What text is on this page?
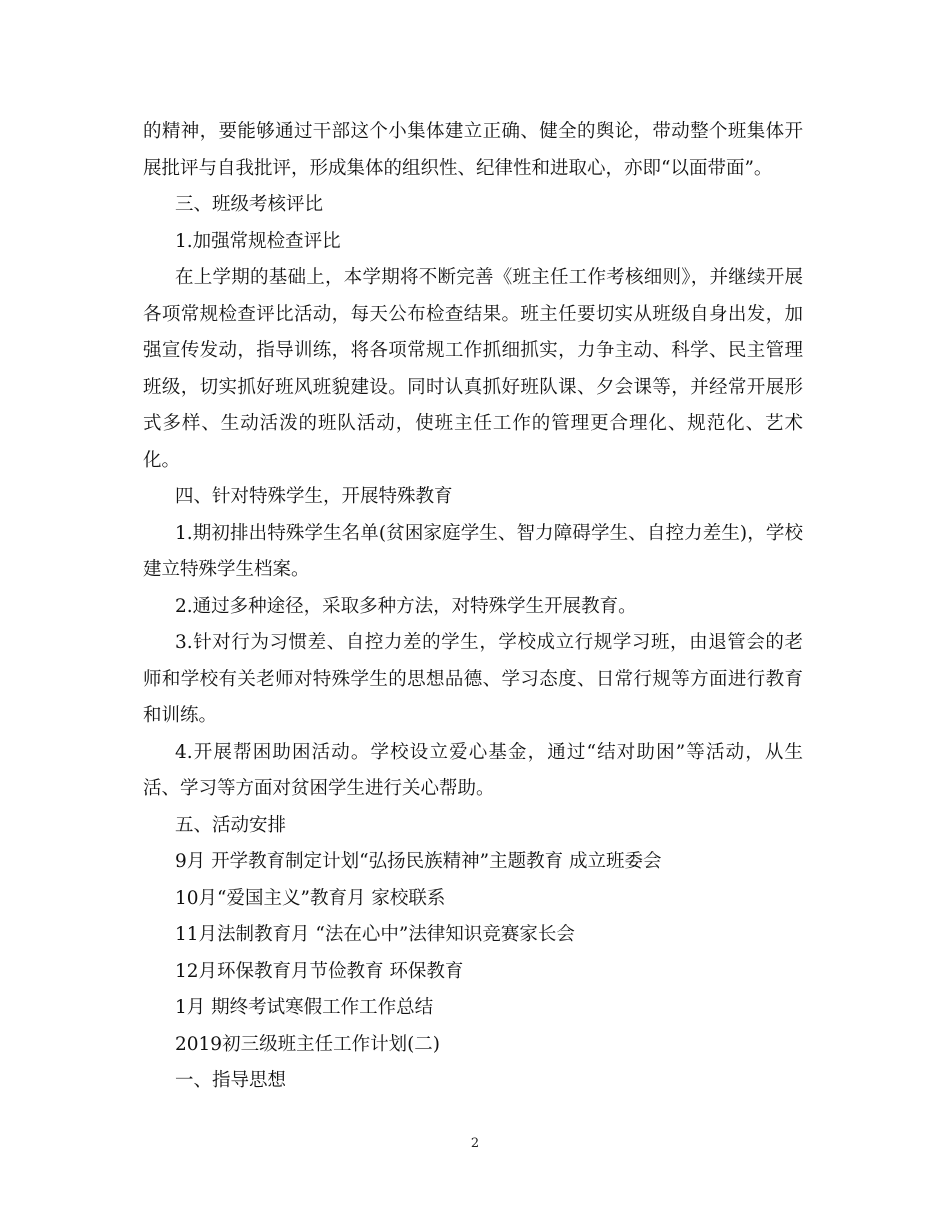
的精神，要能够通过干部这个小集体建立正确、健全的舆论，带动整个班集体开展批评与自我批评，形成集体的组织性、纪律性和进取心，亦即“以面带面”。

三、班级考核评比

1.加强常规检查评比

在上学期的基础上，本学期将不断完善《班主任工作考核细则》，并继续开展各项常规检查评比活动，每天公布检查结果。班主任要切实从班级自身出发，加强宣传发动，指导训练，将各项常规工作抓细抓实，力争主动、科学、民主管理班级，切实抓好班风班貌建设。同时认真抓好班队课、夕会课等，并经常开展形式多样、生动活泼的班队活动，使班主任工作的管理更合理化、规范化、艺术化。

四、针对特殊学生，开展特殊教育

1.期初排出特殊学生名单(贫困家庭学生、智力障碍学生、自控力差生)，学校建立特殊学生档案。

2.通过多种途径，采取多种方法，对特殊学生开展教育。

3.针对行为习惯差、自控力差的学生，学校成立行规学习班，由退管会的老师和学校有关老师对特殊学生的思想品德、学习态度、日常行规等方面进行教育和训练。

4.开展帮困助困活动。学校设立爱心基金，通过“结对助困”等活动，从生活、学习等方面对贫困学生进行关心帮助。

五、活动安排

9月 开学教育制定计划“弘扬民族精神”主题教育 成立班委会

10月“爱国主义”教育月 家校联系

11月法制教育月 “法在心中”法律知识竞赛家长会

12月环保教育月节俭教育 环保教育

1月 期终考试寒假工作工作总结

2019初三级班主任工作计划(二)

一、指导思想

2
